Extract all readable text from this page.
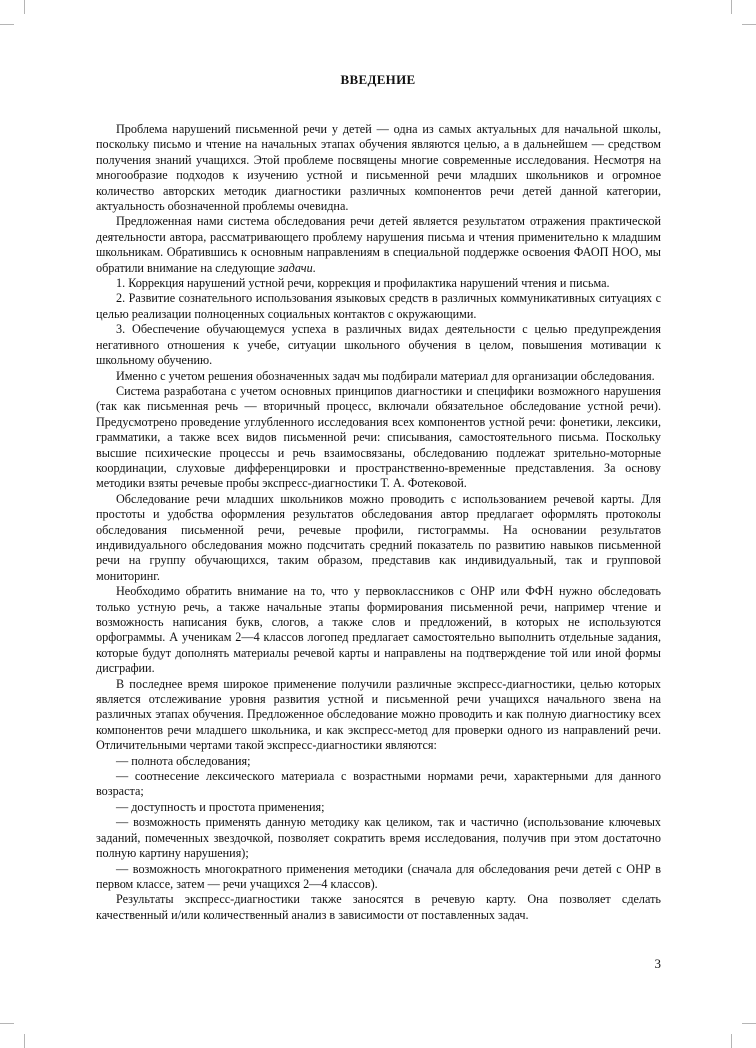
ВВЕДЕНИЕ

Проблема нарушений письменной речи у детей — одна из самых актуальных для начальной школы, поскольку письмо и чтение на начальных этапах обучения являются целью, а в дальнейшем — средством получения знаний учащихся. Этой проблеме посвящены многие современные исследования. Несмотря на многообразие подходов к изучению устной и письменной речи младших школьников и огромное количество авторских методик диагностики различных компонентов речи детей данной категории, актуальность обозначенной проблемы очевидна.

Предложенная нами система обследования речи детей является результатом отражения практической деятельности автора, рассматривающего проблему нарушения письма и чтения применительно к младшим школьникам. Обратившись к основным направлениям в специальной поддержке освоения ФАОП НОО, мы обратили внимание на следующие задачи.

1. Коррекция нарушений устной речи, коррекция и профилактика нарушений чтения и письма.

2. Развитие сознательного использования языковых средств в различных коммуникативных ситуациях с целью реализации полноценных социальных контактов с окружающими.

3. Обеспечение обучающемуся успеха в различных видах деятельности с целью предупреждения негативного отношения к учебе, ситуации школьного обучения в целом, повышения мотивации к школьному обучению.

Именно с учетом решения обозначенных задач мы подбирали материал для организации обследования.

Система разработана с учетом основных принципов диагностики и специфики возможного нарушения (так как письменная речь — вторичный процесс, включали обязательное обследование устной речи). Предусмотрено проведение углубленного исследования всех компонентов устной речи: фонетики, лексики, грамматики, а также всех видов письменной речи: списывания, самостоятельного письма. Поскольку высшие психические процессы и речь взаимосвязаны, обследованию подлежат зрительно-моторные координации, слуховые дифференцировки и пространственно-временные представления. За основу методики взяты речевые пробы экспресс-диагностики Т. А. Фотековой.

Обследование речи младших школьников можно проводить с использованием речевой карты. Для простоты и удобства оформления результатов обследования автор предлагает оформлять протоколы обследования письменной речи, речевые профили, гистограммы. На основании результатов индивидуального обследования можно подсчитать средний показатель по развитию навыков письменной речи на группу обучающихся, таким образом, представив как индивидуальный, так и групповой мониторинг.

Необходимо обратить внимание на то, что у первоклассников с ОНР или ФФН нужно обследовать только устную речь, а также начальные этапы формирования письменной речи, например чтение и возможность написания букв, слогов, а также слов и предложений, в которых не используются орфограммы. А ученикам 2—4 классов логопед предлагает самостоятельно выполнить отдельные задания, которые будут дополнять материалы речевой карты и направлены на подтверждение той или иной формы дисграфии.

В последнее время широкое применение получили различные экспресс-диагностики, целью которых является отслеживание уровня развития устной и письменной речи учащихся начального звена на различных этапах обучения. Предложенное обследование можно проводить и как полную диагностику всех компонентов речи младшего школьника, и как экспресс-метод для проверки одного из направлений речи. Отличительными чертами такой экспресс-диагностики являются:

— полнота обследования;

— соотнесение лексического материала с возрастными нормами речи, характерными для данного возраста;

— доступность и простота применения;

— возможность применять данную методику как целиком, так и частично (использование ключевых заданий, помеченных звездочкой, позволяет сократить время исследования, получив при этом достаточно полную картину нарушения);

— возможность многократного применения методики (сначала для обследования речи детей с ОНР в первом классе, затем — речи учащихся 2—4 классов).

Результаты экспресс-диагностики также заносятся в речевую карту. Она позволяет сделать качественный и/или количественный анализ в зависимости от поставленных задач.

3
